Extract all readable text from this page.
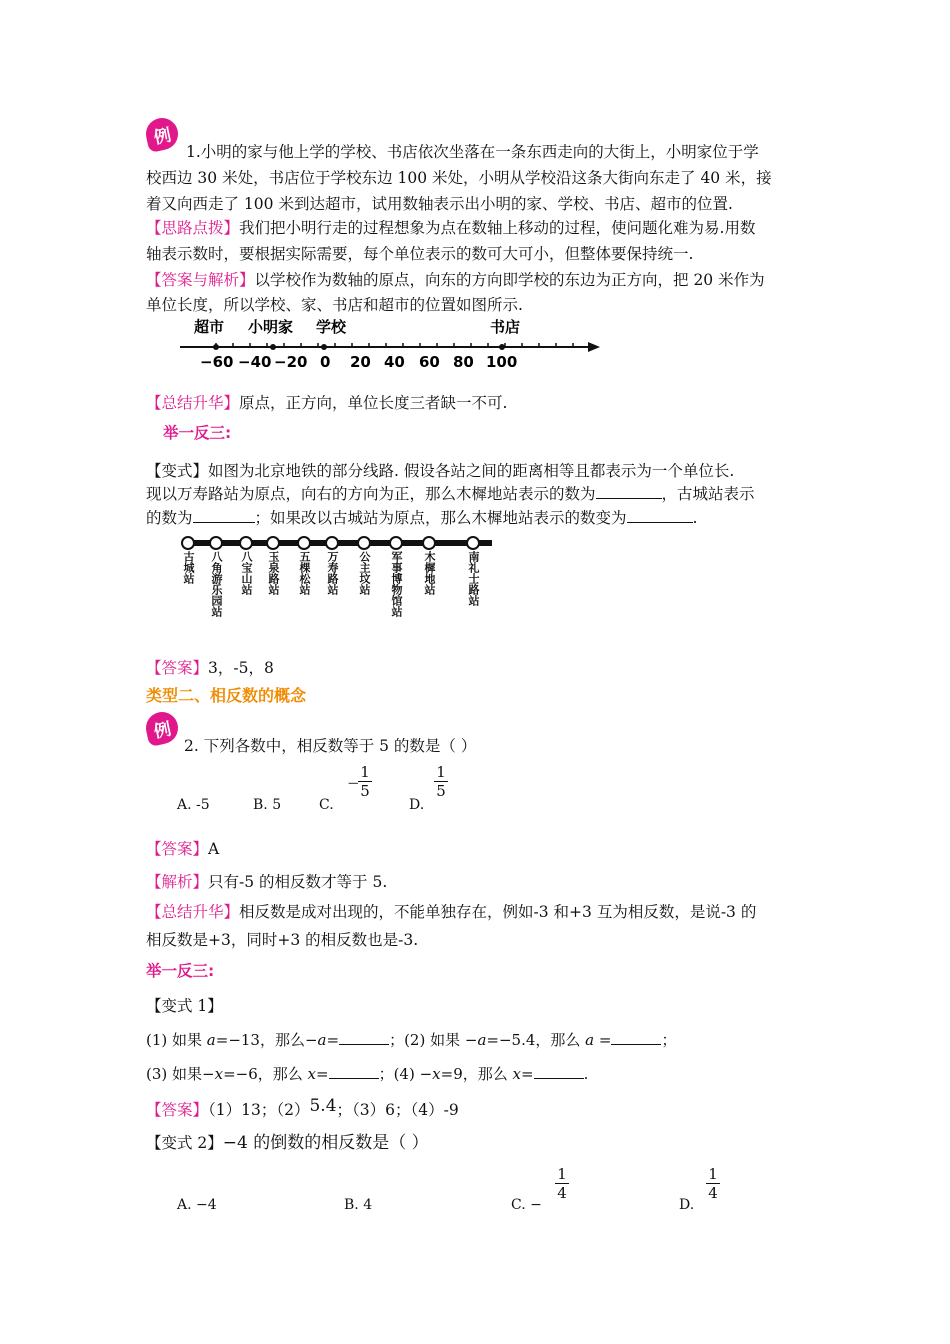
例
1.小明的家与他上学的学校、书店依次坐落在一条东西走向的大街上，小明家位于学
校西边 30 米处，书店位于学校东边 100 米处，小明从学校沿这条大街向东走了 40 米，接
着又向西走了 100 米到达超市，试用数轴表示出小明的家、学校、书店、超市的位置.
【思路点拨】我们把小明行走的过程想象为点在数轴上移动的过程，使问题化难为易.用数
轴表示数时，要根据实际需要，每个单位表示的数可大可小，但整体要保持统一.
【答案与解析】以学校作为数轴的原点，向东的方向即学校的东边为正方向，把 20 米作为
单位长度，所以学校、家、书店和超市的位置如图所示.
超市 小明家 学校	书店
−60 −40 −20 0 20 40 60 80 100
【总结升华】原点，正方向，单位长度三者缺一不可.
举一反三:
【变式】如图为北京地铁的部分线路. 假设各站之间的距离相等且都表示为一个单位长.
现以万寿路站为原点，向右的方向为正，那么木樨地站表示的数为	，古城站表示
的数为	；如果改以古城站为原点，那么木樨地站表示的数变为	.
古城站 八角游乐园站 八宝山站 玉泉路站 五棵松站 万寿路站 公主坟站 军事博物馆站 木樨地站	南礼士路站
【答案】3，-5，8
类型二、相反数的概念
例
2. 下列各数中，相反数等于 5 的数是（ ）
A. -5	B. 5	C.
−
1
5
D.
1
5
【答案】A
【解析】只有-5 的相反数才等于 5.
【总结升华】相反数是成对出现的，不能单独存在，例如-3 和+3 互为相反数，是说-3 的
相反数是+3，同时+3 的相反数也是-3.
举一反三:
【变式 1】
(1) 如果 a=−13，那么−a=	；(2) 如果 −a=−5.4，那么 a =	；
(3) 如果−x=−6，那么 x=	；(4) −x=9，那么 x=	.
【答案】（1）13；（2）5.4；（3）6；（4）-9
【变式 2】−4 的倒数的相反数是（ ）
A. −4	B. 4	C. −
1
4
D.
1
4
